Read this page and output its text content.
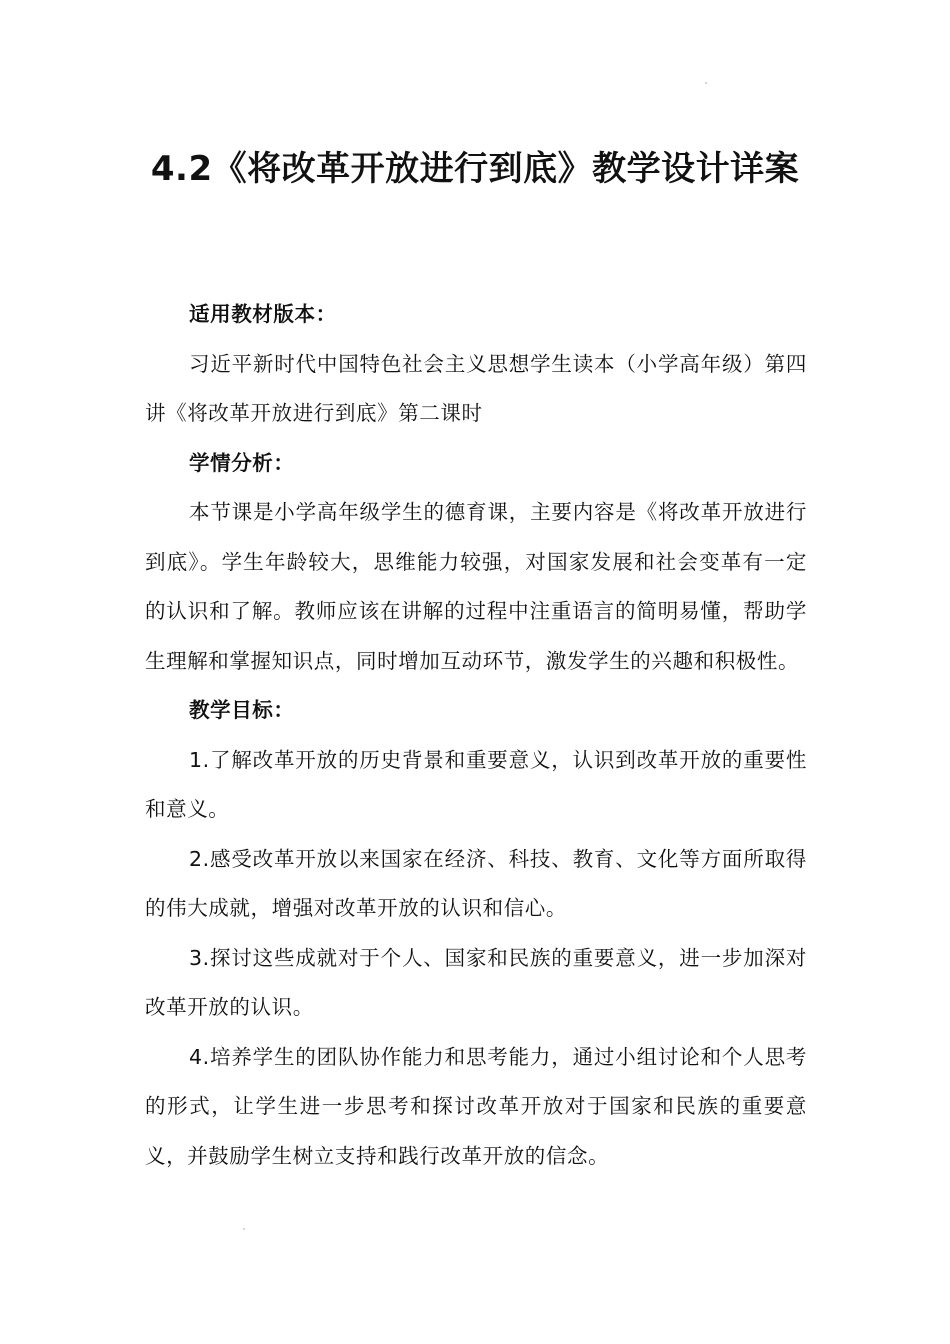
4.2《将改革开放进行到底》教学设计详案

适用教材版本：

习近平新时代中国特色社会主义思想学生读本（小学高年级）第四讲《将改革开放进行到底》第二课时

学情分析：

本节课是小学高年级学生的德育课，主要内容是《将改革开放进行到底》。学生年龄较大，思维能力较强，对国家发展和社会变革有一定的认识和了解。教师应该在讲解的过程中注重语言的简明易懂，帮助学生理解和掌握知识点，同时增加互动环节，激发学生的兴趣和积极性。

教学目标：

1.了解改革开放的历史背景和重要意义，认识到改革开放的重要性和意义。

2.感受改革开放以来国家在经济、科技、教育、文化等方面所取得的伟大成就，增强对改革开放的认识和信心。

3.探讨这些成就对于个人、国家和民族的重要意义，进一步加深对改革开放的认识。

4.培养学生的团队协作能力和思考能力，通过小组讨论和个人思考的形式，让学生进一步思考和探讨改革开放对于国家和民族的重要意义，并鼓励学生树立支持和践行改革开放的信念。
